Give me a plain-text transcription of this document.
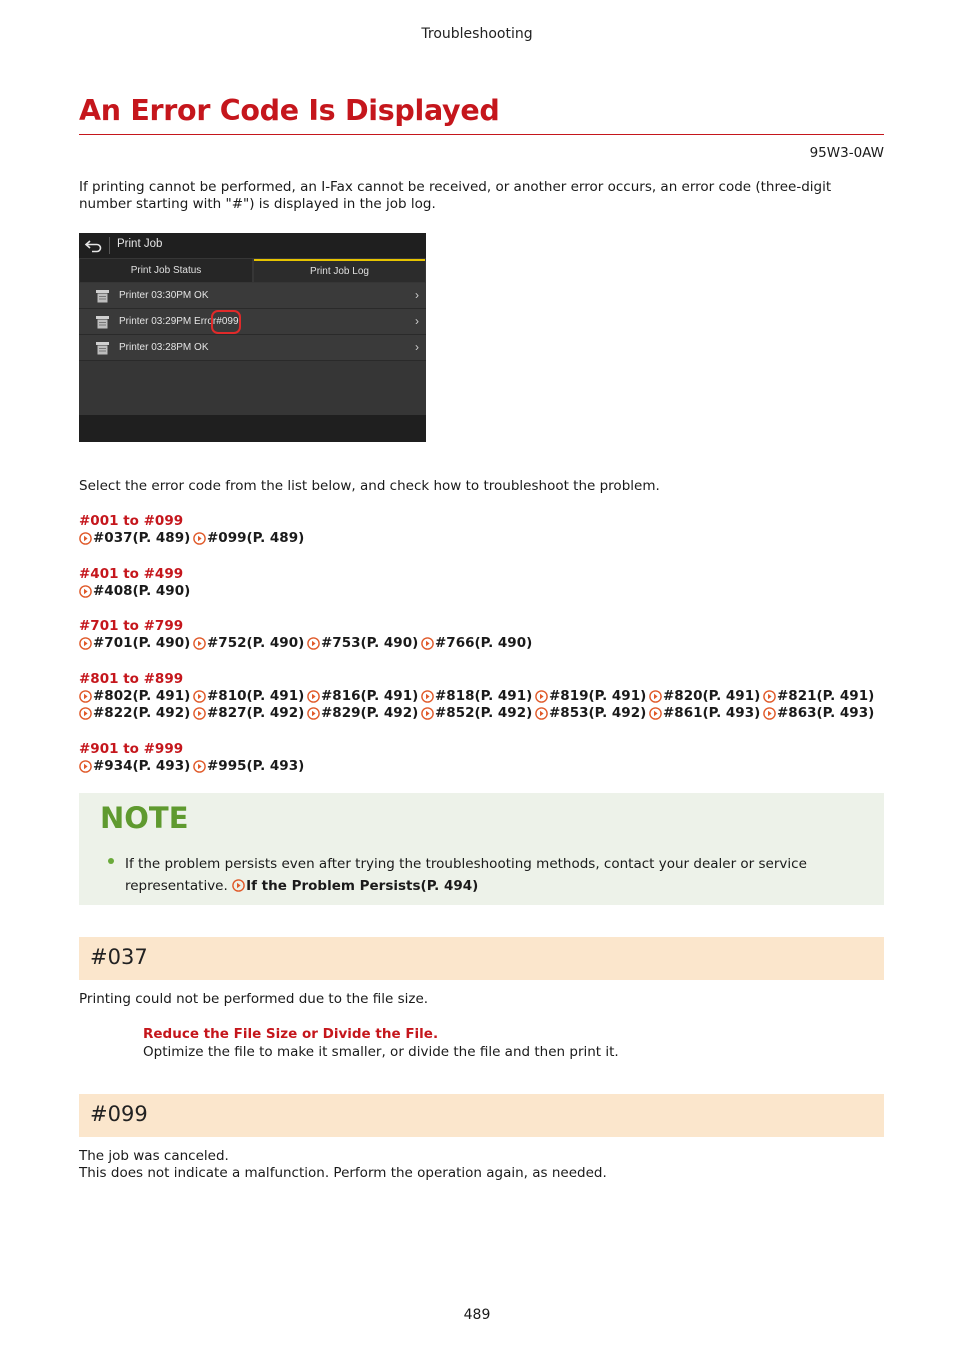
Troubleshooting
An Error Code Is Displayed
95W3-0AW

If printing cannot be performed, an I-Fax cannot be received, or another error occurs, an error code (three-digit number starting with "#") is displayed in the job log.

Print Job
Print Job Status	Print Job Log
Printer 03:30PM OK	›
Printer 03:29PM Error#099	›
Printer 03:28PM OK	›

Select the error code from the list below, and check how to troubleshoot the problem.

#001 to #099
#037(P. 489) #099(P. 489)
#401 to #499
#408(P. 490)
#701 to #799
#701(P. 490) #752(P. 490) #753(P. 490) #766(P. 490)
#801 to #899
#802(P. 491) #810(P. 491) #816(P. 491) #818(P. 491) #819(P. 491) #820(P. 491) #821(P. 491)
#822(P. 492) #827(P. 492) #829(P. 492) #852(P. 492) #853(P. 492) #861(P. 493) #863(P. 493)
#901 to #999
#934(P. 493) #995(P. 493)
NOTE
If the problem persists even after trying the troubleshooting methods, contact your dealer or service representative. If the Problem Persists(P. 494)
#037

Printing could not be performed due to the file size.

Reduce the File Size or Divide the File.
Optimize the file to make it smaller, or divide the file and then print it.
#099

The job was canceled.

This does not indicate a malfunction. Perform the operation again, as needed.

489
